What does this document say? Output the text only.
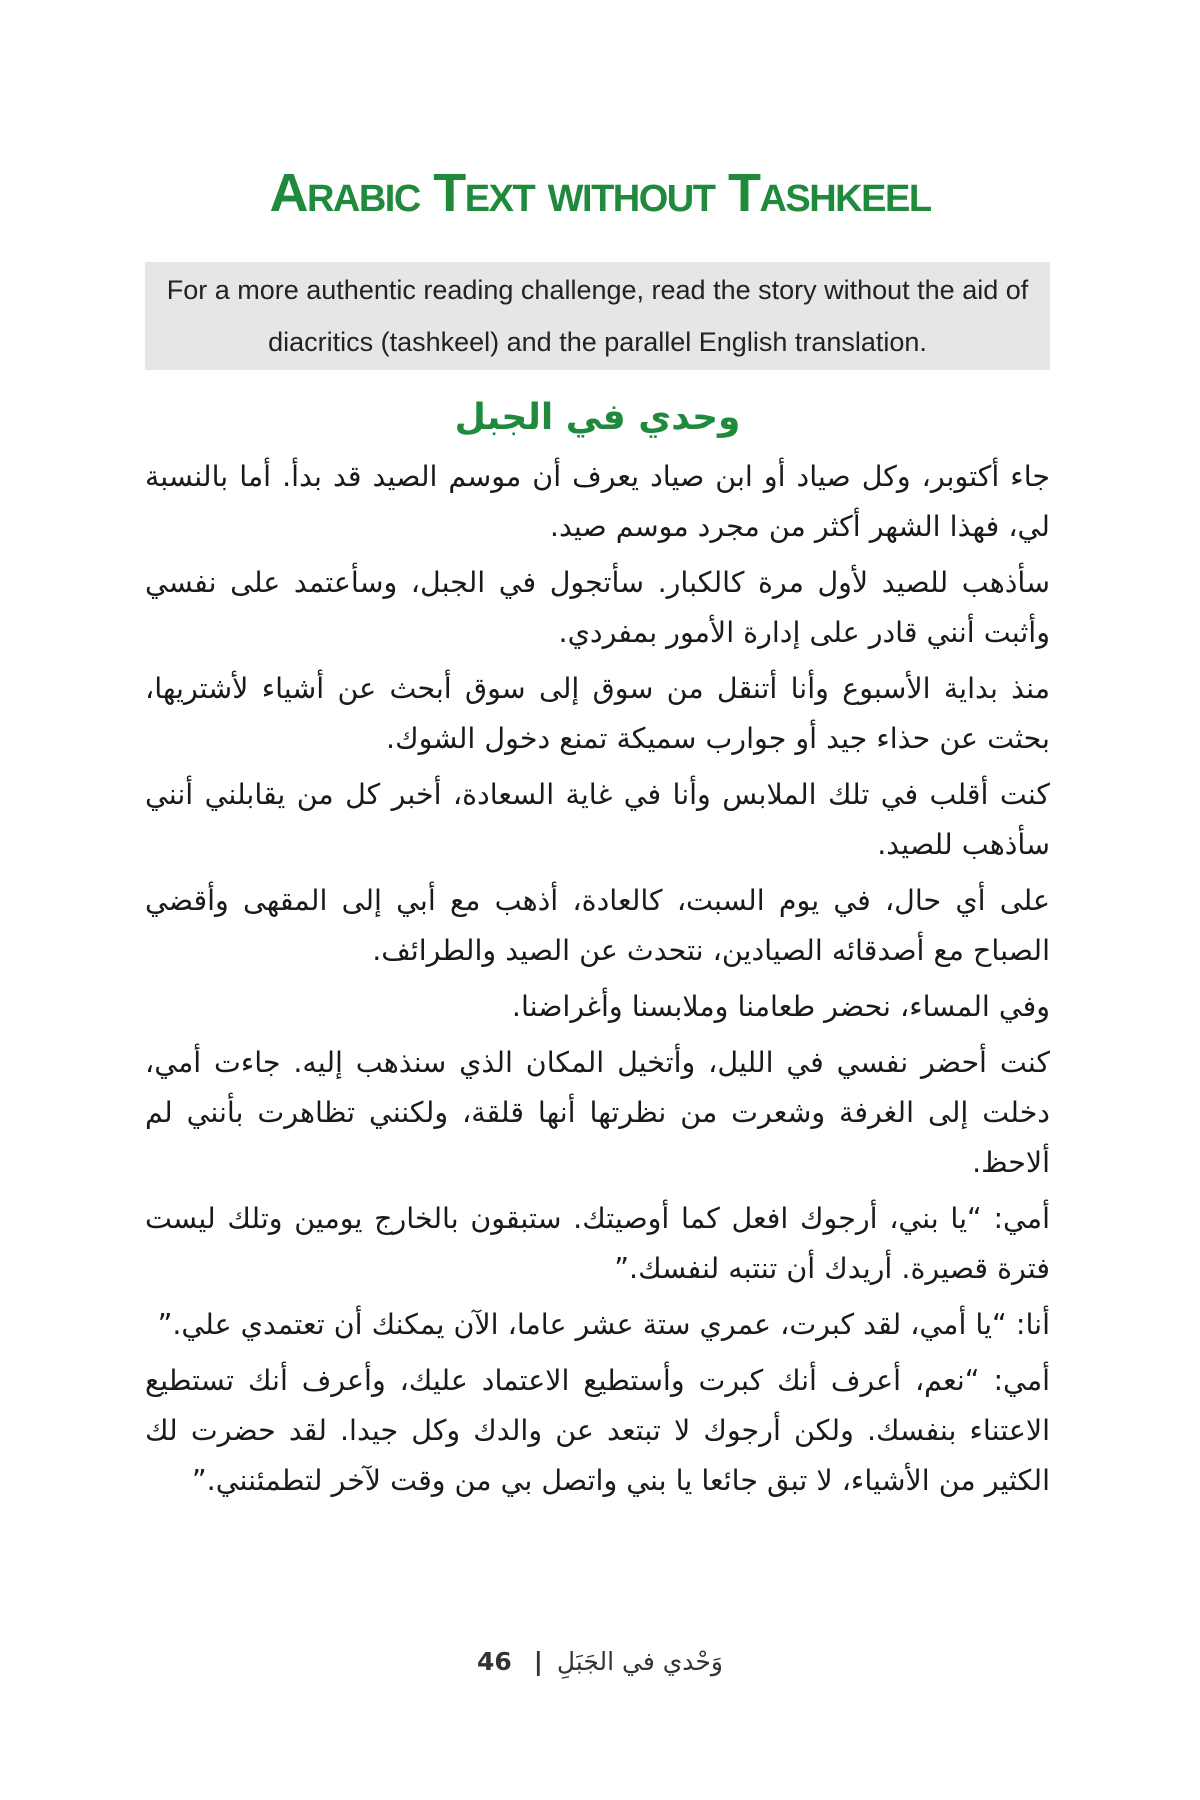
Arabic Text without Tashkeel
For a more authentic reading challenge, read the story without the aid of diacritics (tashkeel) and the parallel English translation.
وحدي في الجبل

جاء أكتوبر، وكل صياد أو ابن صياد يعرف أن موسم الصيد قد بدأ. أما بالنسبة لي، فهذا الشهر أكثر من مجرد موسم صيد.

سأذهب للصيد لأول مرة كالكبار. سأتجول في الجبل، وسأعتمد على نفسي وأثبت أنني قادر على إدارة الأمور بمفردي.

منذ بداية الأسبوع وأنا أتنقل من سوق إلى سوق أبحث عن أشياء لأشتريها، بحثت عن حذاء جيد أو جوارب سميكة تمنع دخول الشوك.

كنت أقلب في تلك الملابس وأنا في غاية السعادة، أخبر كل من يقابلني أنني سأذهب للصيد.

على أي حال، في يوم السبت، كالعادة، أذهب مع أبي إلى المقهى وأقضي الصباح مع أصدقائه الصيادين، نتحدث عن الصيد والطرائف.

وفي المساء، نحضر طعامنا وملابسنا وأغراضنا.

كنت أحضر نفسي في الليل، وأتخيل المكان الذي سنذهب إليه. جاءت أمي، دخلت إلى الغرفة وشعرت من نظرتها أنها قلقة، ولكنني تظاهرت بأنني لم ألاحظ.

أمي: “يا بني، أرجوك افعل كما أوصيتك. ستبقون بالخارج يومين وتلك ليست فترة قصيرة. أريدك أن تنتبه لنفسك.”

أنا: “يا أمي، لقد كبرت، عمري ستة عشر عاما، الآن يمكنك أن تعتمدي علي.”

أمي: “نعم، أعرف أنك كبرت وأستطيع الاعتماد عليك، وأعرف أنك تستطيع الاعتناء بنفسك. ولكن أرجوك لا تبتعد عن والدك وكل جيدا. لقد حضرت لك الكثير من الأشياء، لا تبق جائعا يا بني واتصل بي من وقت لآخر لتطمئنني.”

46 | وَحْدي في الجَبَلِ
